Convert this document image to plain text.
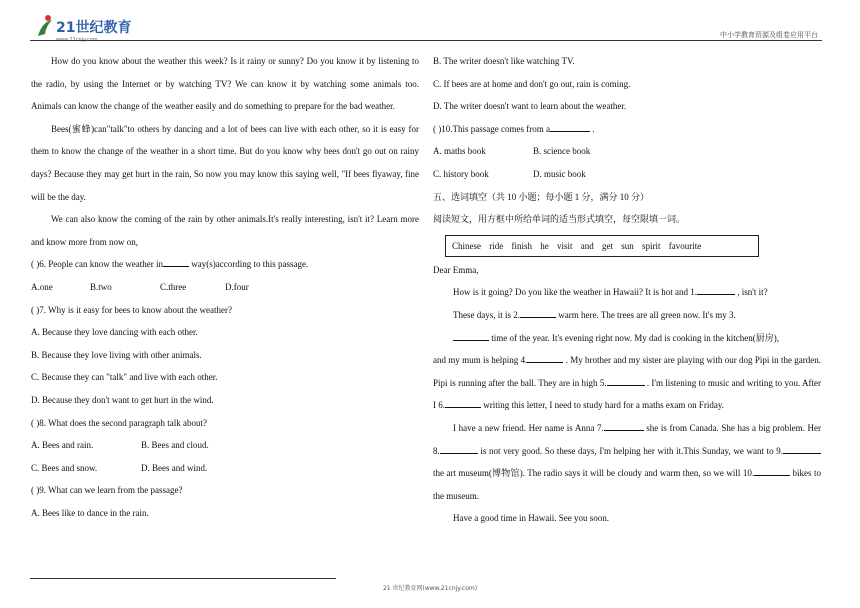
21世纪教育
www.21cnjy.com
中小学教育资源及组卷应用平台

How do you know about the weather this week? Is it rainy or sunny? Do you know it by listening to the radio, by using the Internet or by watching TV? We can know it by watching some animals too. Animals can know the change of the weather easily and do something to prepare for the bad weather.

Bees(蜜蜂)can"talk"to others by dancing and a lot of bees can live with each other, so it is easy for them to know the change of the weather in a short time. But do you know why bees don't go out on rainy days? Because they may get hurt in the rain, So now you may know this saying well, "If bees flyaway, fine will be the day.

We can also know the coming of the rain by other animals.It's really interesting, isn't it? Learn more and know more from now on,

( )6. People can know the weather in	way(s)according to this passage.

A.one	B.two	C.three	D.four

( )7. Why is it easy for bees to know about the weather?

A. Because they love dancing with each other.

B. Because they love living with other animals.

C. Because they can "talk" and live with each other.

D. Because they don't want to get hurt in the wind.

( )8. What does the second paragraph talk about?

A. Bees and rain.	B. Bees and cloud.

C. Bees and snow.	D. Bees and wind.

( )9. What can we learn from the passage?

A. Bees like to dance in the rain.

B. The writer doesn't like watching TV.

C. If bees are at home and don't go out, rain is coming.

D. The writer doesn't want to learn about the weather.

( )10.This passage comes from a	.

A. maths book	B. science book

C. history book	D. music book

五、选词填空（共 10 小题；每小题 1 分，满分 10 分）

阅读短文，用方框中所给单词的适当形式填空，每空限填一词。

Chinese ride finish he visit and get sun spirit favourite

Dear Emma,

How is it going? Do you like the weather in Hawaii? It is hot and 1.	, isn't it?

These days, it is 2.	warm here. The trees are all green now. It's my 3.

time of the year. It's evening right now. My dad is cooking in the kitchen(厨房),

and my mum is helping 4.	. My brother and my sister are playing with our dog Pipi in the garden. Pipi is running after the ball. They are in high 5.	. I'm listening to music and writing to you. After I 6.	writing this letter, I need to study hard for a maths exam on Friday.

I have a new friend. Her name is Anna 7.	she is from Canada. She has a big problem. Her 8.	is not very good. So these days, I'm helping her with it.This Sunday, we want to 9. the art museum(博物馆). The radio says it will be cloudy and warm then, so we will 10.	bikes to the museum.

Have a good time in Hawaii. See you soon.

21 世纪教育网(www.21cnjy.com)
